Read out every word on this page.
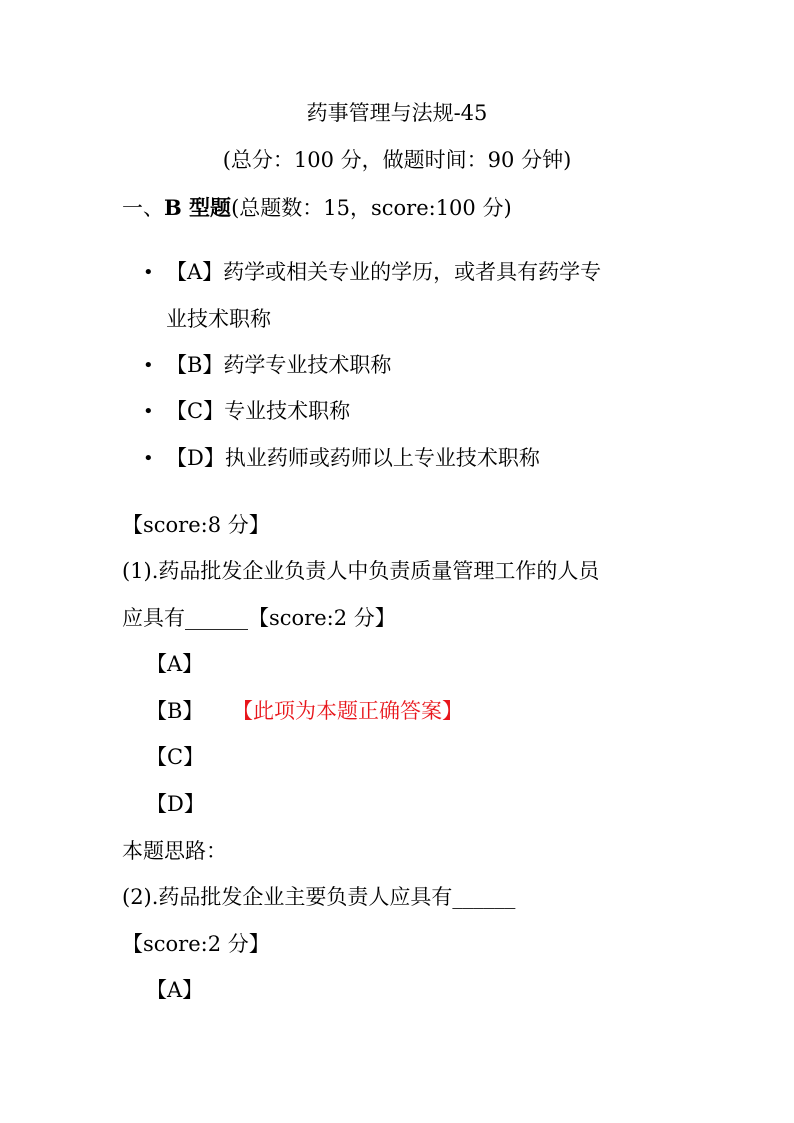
药事管理与法规-45
(总分：100 分，做题时间：90 分钟)
一、B 型题(总题数：15，score:100 分)
• 【A】药学或相关专业的学历，或者具有药学专
业技术职称
• 【B】药学专业技术职称
• 【C】专业技术职称
• 【D】执业药师或药师以上专业技术职称
【score:8 分】
(1).药品批发企业负责人中负责质量管理工作的人员
应具有______【score:2 分】
【A】
【B】 【此项为本题正确答案】
【C】
【D】
本题思路：
(2).药品批发企业主要负责人应具有______
【score:2 分】
【A】
